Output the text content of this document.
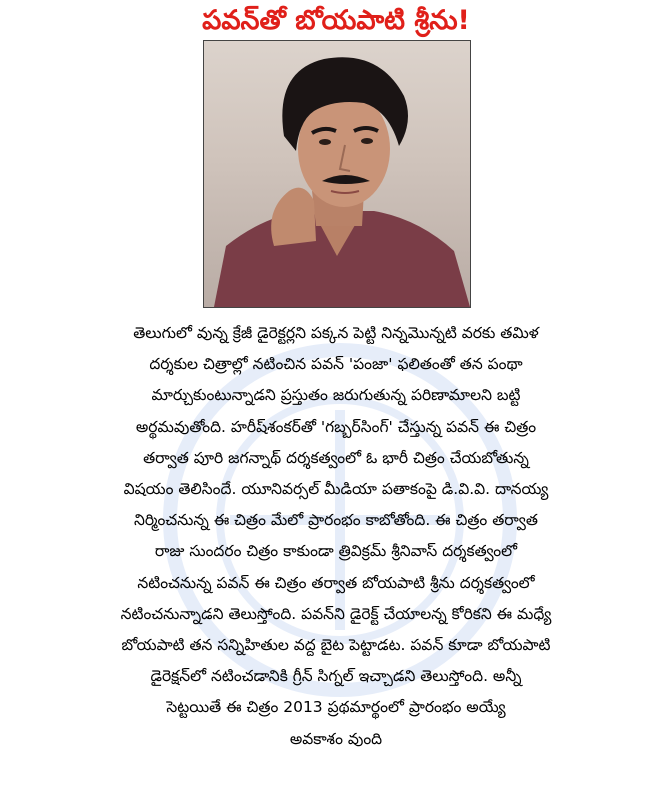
పవన్‌తో బోయపాటి శ్రీను!
తెలుగులో వున్న క్రేజీ డైరెక్టర్లని పక్కన పెట్టి నిన్నమొన్నటి వరకు తమిళ
దర్శకుల చిత్రాల్లో నటించిన పవన్ 'పంజా' ఫలితంతో తన పంథా
మార్చుకుంటున్నాడని ప్రస్తుతం జరుగుతున్న పరిణామాలని బట్టి
అర్థమవుతోంది. హరీష్‌శంకర్‌తో 'గబ్బర్‌సింగ్' చేస్తున్న పవన్ ఈ చిత్రం
తర్వాత పూరి జగన్నాథ్ దర్శకత్వంలో ఓ భారీ చిత్రం చేయబోతున్న
విషయం తెలిసిందే. యూనివర్సల్ మీడియా పతాకంపై డి.వి.వి. దానయ్య
నిర్మించనున్న ఈ చిత్రం మేలో ప్రారంభం కాబోతోంది. ఈ చిత్రం తర్వాత
రాజు సుందరం చిత్రం కాకుండా త్రివిక్రమ్ శ్రీనివాస్ దర్శకత్వంలో
నటించనున్న పవన్ ఈ చిత్రం తర్వాత బోయపాటి శ్రీను దర్శకత్వంలో
నటించనున్నాడని తెలుస్తోంది. పవన్‌ని డైరెక్ట్ చేయాలన్న కోరికని ఈ మధ్యే
బోయపాటి తన సన్నిహితుల వద్ద బైట పెట్టాడట. పవన్ కూడా బోయపాటి
డైరెక్షన్‌లో నటించడానికి గ్రీన్ సిగ్నల్ ఇచ్చాడని తెలుస్తోంది. అన్నీ
సెట్టయితే ఈ చిత్రం 2013 ప్రథమార్థంలో ప్రారంభం అయ్యే
అవకాశం వుంది
